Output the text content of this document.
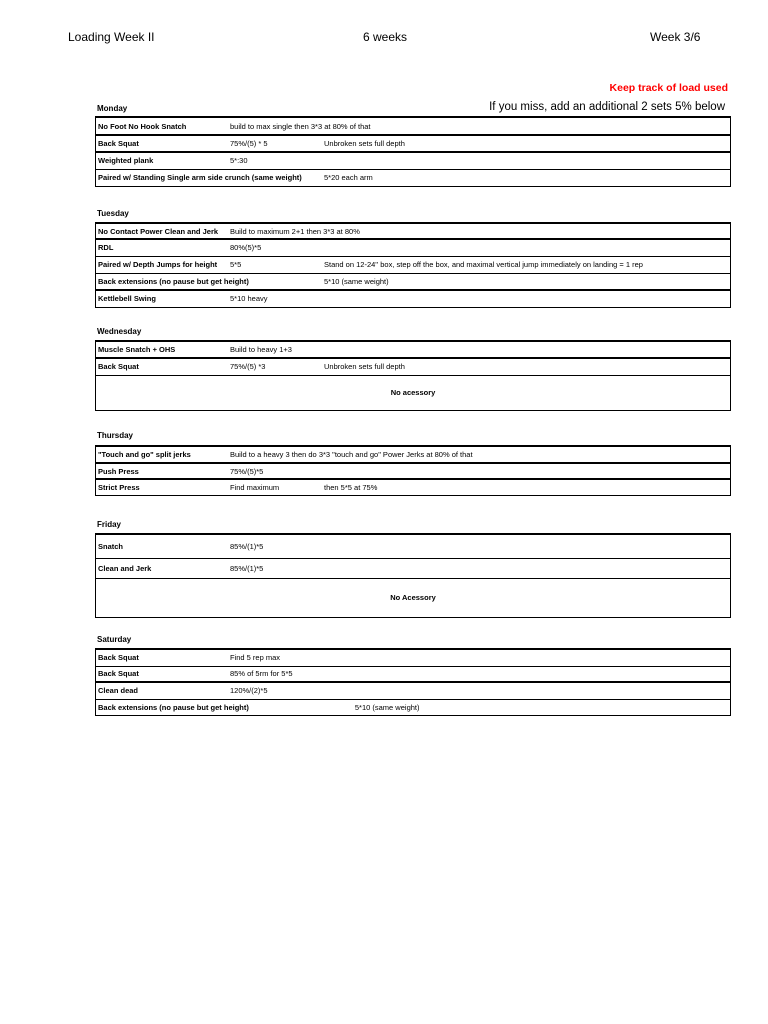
Loading Week II	6 weeks	Week 3/6
Keep track of load used
If you miss, add an additional 2 sets 5% below
Monday
No Foot No Hook Snatch	build to max single then 3*3 at 80% of that	
Back Squat	75%/(5) * 5	Unbroken sets full depth
Weighted plank	5*:30	
Paired w/ Standing Single arm side crunch (same weight)		5*20 each arm
Tuesday
No Contact Power Clean and Jerk	Build to maximum 2+1 then 3*3 at 80%	
RDL	80%(5)*5	
Paired w/ Depth Jumps for height	5*5	Stand on 12-24'' box, step off the box, and maximal vertical jump immediately on landing = 1 rep
Back extensions (no pause but get height)		5*10 (same weight)
Kettlebell Swing	5*10 heavy	
Wednesday
Muscle Snatch + OHS	Build to heavy 1+3	
Back Squat	75%/(5) *3	Unbroken sets full depth
No acessory		
Thursday
"Touch and go" split jerks	Build to a heavy 3 then do 3*3 "touch and go" Power Jerks at 80% of that	
Push Press	75%/(5)*5	
Strict Press	Find maximum	then 5*5 at 75%
Friday
Snatch	85%/(1)*5
Clean and Jerk	85%/(1)*5
No Acessory	
Saturday
Back Squat	Find 5 rep max	
Back Squat	85% of 5rm for 5*5	
Clean dead	120%/(2)*5	
Back extensions (no pause but get height)		5*10 (same weight)
